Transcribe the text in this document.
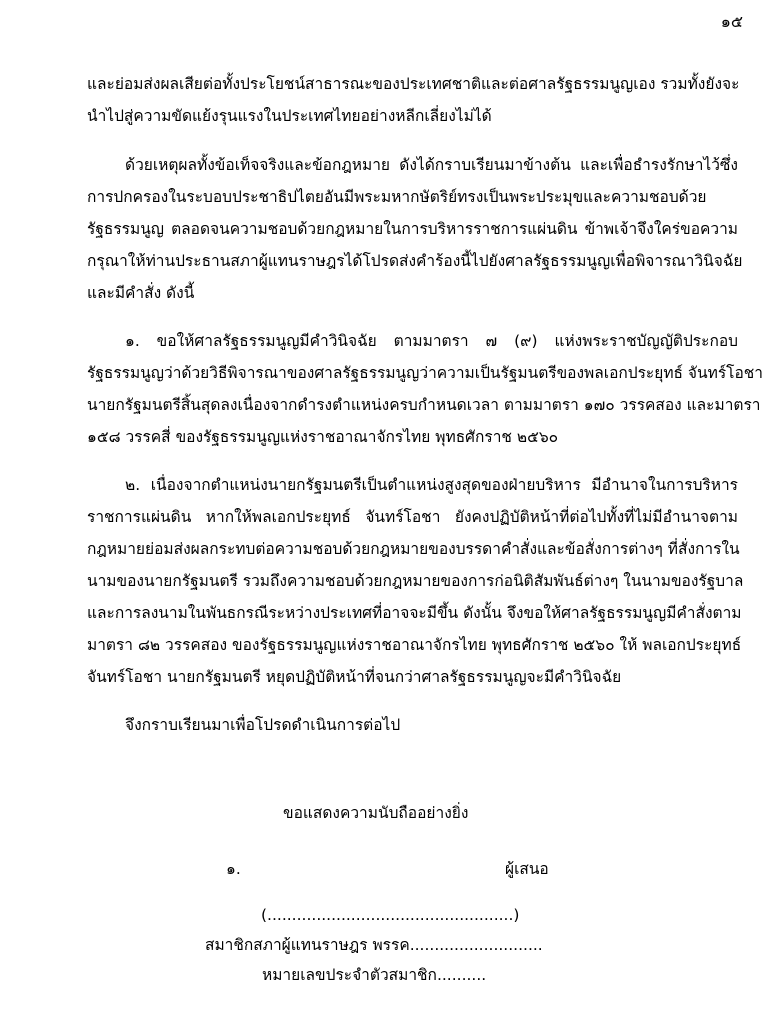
๑๕
และย่อมส่งผลเสียต่อทั้งประโยชน์สาธารณะของประเทศชาติและต่อศาลรัฐธรรมนูญเอง รวมทั้งยังจะ
นำไปสู่ความขัดแย้งรุนแรงในประเทศไทยอย่างหลีกเลี่ยงไม่ได้
ด้วยเหตุผลทั้งข้อเท็จจริงและข้อกฎหมาย ดังได้กราบเรียนมาข้างต้น และเพื่อธำรงรักษาไว้ซึ่ง
การปกครองในระบอบประชาธิปไตยอันมีพระมหากษัตริย์ทรงเป็นพระประมุขและความชอบด้วย
รัฐธรรมนูญ ตลอดจนความชอบด้วยกฎหมายในการบริหารราชการแผ่นดิน ข้าพเจ้าจึงใคร่ขอความ
กรุณาให้ท่านประธานสภาผู้แทนราษฎรได้โปรดส่งคำร้องนี้ไปยังศาลรัฐธรรมนูญเพื่อพิจารณาวินิจฉัย
และมีคำสั่ง ดังนี้
๑. ขอให้ศาลรัฐธรรมนูญมีคำวินิจฉัย ตามมาตรา ๗ (๙) แห่งพระราชบัญญัติประกอบ
รัฐธรรมนูญว่าด้วยวิธีพิจารณาของศาลรัฐธรรมนูญว่าความเป็นรัฐมนตรีของพลเอกประยุทธ์ จันทร์โอชา
นายกรัฐมนตรีสิ้นสุดลงเนื่องจากดำรงตำแหน่งครบกำหนดเวลา ตามมาตรา ๑๗๐ วรรคสอง และมาตรา
๑๕๘ วรรคสี่ ของรัฐธรรมนูญแห่งราชอาณาจักรไทย พุทธศักราช ๒๕๖๐
๒. เนื่องจากตำแหน่งนายกรัฐมนตรีเป็นตำแหน่งสูงสุดของฝ่ายบริหาร มีอำนาจในการบริหาร
ราชการแผ่นดิน หากให้พลเอกประยุทธ์ จันทร์โอชา ยังคงปฏิบัติหน้าที่ต่อไปทั้งที่ไม่มีอำนาจตาม
กฎหมายย่อมส่งผลกระทบต่อความชอบด้วยกฎหมายของบรรดาคำสั่งและข้อสั่งการต่างๆ ที่สั่งการใน
นามของนายกรัฐมนตรี รวมถึงความชอบด้วยกฎหมายของการก่อนิติสัมพันธ์ต่างๆ ในนามของรัฐบาล
และการลงนามในพันธกรณีระหว่างประเทศที่อาจจะมีขึ้น ดังนั้น จึงขอให้ศาลรัฐธรรมนูญมีคำสั่งตาม
มาตรา ๘๒ วรรคสอง ของรัฐธรรมนูญแห่งราชอาณาจักรไทย พุทธศักราช ๒๕๖๐ ให้ พลเอกประยุทธ์
จันทร์โอชา นายกรัฐมนตรี หยุดปฏิบัติหน้าที่จนกว่าศาลรัฐธรรมนูญจะมีคำวินิจฉัย
จึงกราบเรียนมาเพื่อโปรดดำเนินการต่อไป
ขอแสดงความนับถืออย่างยิ่ง
๑.	ผู้เสนอ
(..................................................)
สมาชิกสภาผู้แทนราษฎร พรรค...........................
หมายเลขประจำตัวสมาชิก..........
